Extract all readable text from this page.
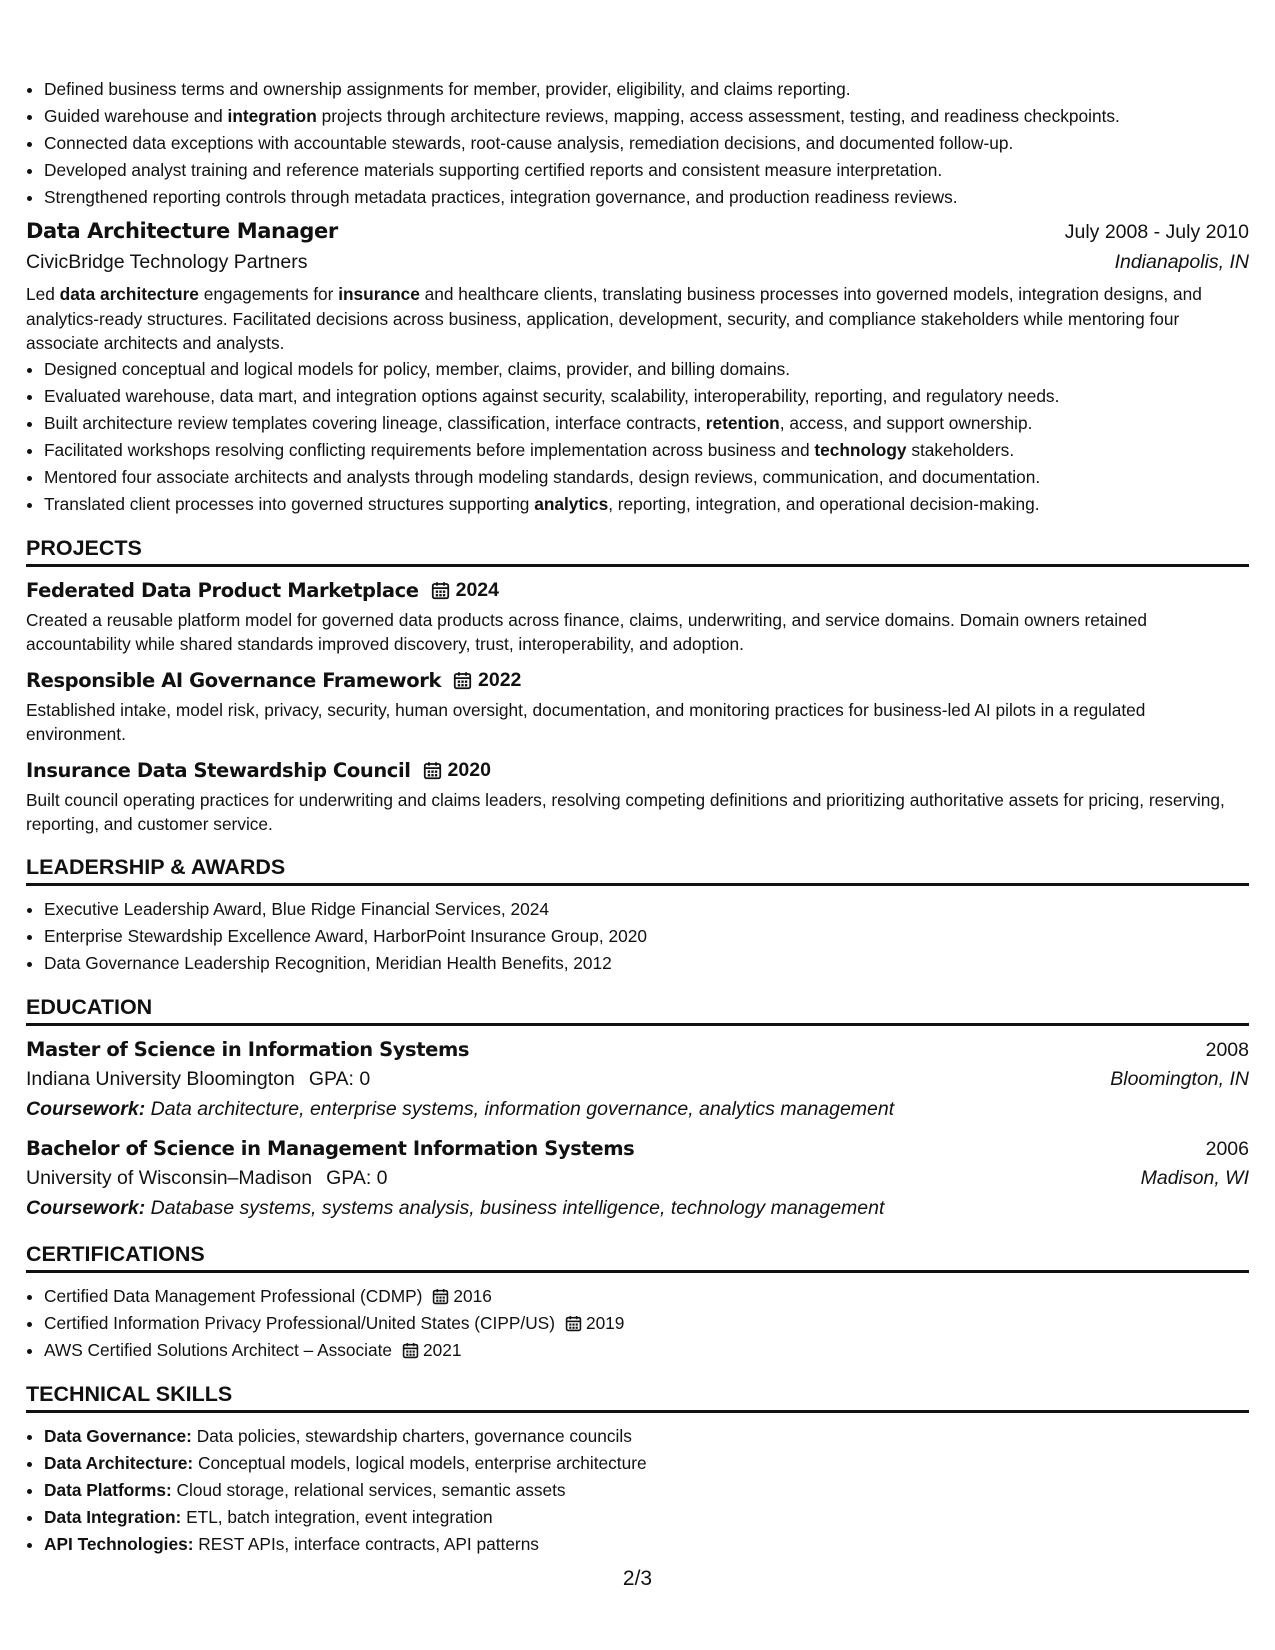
• Defined business terms and ownership assignments for member, provider, eligibility, and claims reporting.
• Guided warehouse and integration projects through architecture reviews, mapping, access assessment, testing, and readiness checkpoints.
• Connected data exceptions with accountable stewards, root-cause analysis, remediation decisions, and documented follow-up.
• Developed analyst training and reference materials supporting certified reports and consistent measure interpretation.
• Strengthened reporting controls through metadata practices, integration governance, and production readiness reviews.
Data Architecture Manager	July 2008 - July 2010
CivicBridge Technology Partners	Indianapolis, IN
Led data architecture engagements for insurance and healthcare clients, translating business processes into governed models, integration designs, and analytics-ready structures. Facilitated decisions across business, application, development, security, and compliance stakeholders while mentoring four associate architects and analysts.
• Designed conceptual and logical models for policy, member, claims, provider, and billing domains.
• Evaluated warehouse, data mart, and integration options against security, scalability, interoperability, reporting, and regulatory needs.
• Built architecture review templates covering lineage, classification, interface contracts, retention, access, and support ownership.
• Facilitated workshops resolving conflicting requirements before implementation across business and technology stakeholders.
• Mentored four associate architects and analysts through modeling standards, design reviews, communication, and documentation.
• Translated client processes into governed structures supporting analytics, reporting, integration, and operational decision-making.
PROJECTS
Federated Data Product Marketplace 2024
Created a reusable platform model for governed data products across finance, claims, underwriting, and service domains. Domain owners retained accountability while shared standards improved discovery, trust, interoperability, and adoption.
Responsible AI Governance Framework 2022
Established intake, model risk, privacy, security, human oversight, documentation, and monitoring practices for business-led AI pilots in a regulated environment.
Insurance Data Stewardship Council 2020
Built council operating practices for underwriting and claims leaders, resolving competing definitions and prioritizing authoritative assets for pricing, reserving, reporting, and customer service.
LEADERSHIP & AWARDS
• Executive Leadership Award, Blue Ridge Financial Services, 2024
• Enterprise Stewardship Excellence Award, HarborPoint Insurance Group, 2020
• Data Governance Leadership Recognition, Meridian Health Benefits, 2012
EDUCATION
Master of Science in Information Systems	2008
Indiana University Bloomington GPA: 0	Bloomington, IN
Coursework: Data architecture, enterprise systems, information governance, analytics management
Bachelor of Science in Management Information Systems	2006
University of Wisconsin–Madison GPA: 0	Madison, WI
Coursework: Database systems, systems analysis, business intelligence, technology management
CERTIFICATIONS
• Certified Data Management Professional (CDMP) 2016
• Certified Information Privacy Professional/United States (CIPP/US) 2019
• AWS Certified Solutions Architect – Associate 2021
TECHNICAL SKILLS
• Data Governance: Data policies, stewardship charters, governance councils
• Data Architecture: Conceptual models, logical models, enterprise architecture
• Data Platforms: Cloud storage, relational services, semantic assets
• Data Integration: ETL, batch integration, event integration
• API Technologies: REST APIs, interface contracts, API patterns
2/3
